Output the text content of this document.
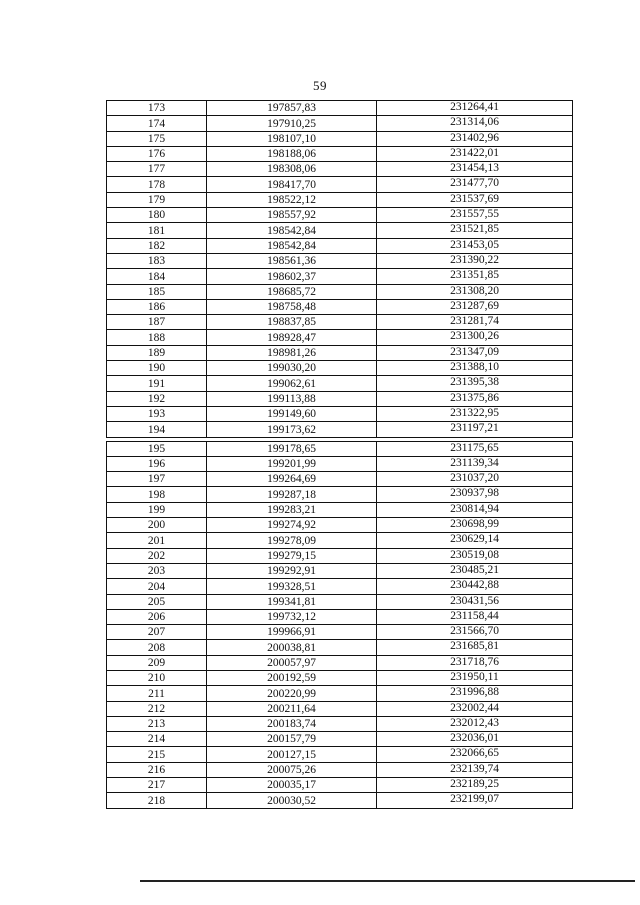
59
173	197857,83	231264,41
174	197910,25	231314,06
175	198107,10	231402,96
176	198188,06	231422,01
177	198308,06	231454,13
178	198417,70	231477,70
179	198522,12	231537,69
180	198557,92	231557,55
181	198542,84	231521,85
182	198542,84	231453,05
183	198561,36	231390,22
184	198602,37	231351,85
185	198685,72	231308,20
186	198758,48	231287,69
187	198837,85	231281,74
188	198928,47	231300,26
189	198981,26	231347,09
190	199030,20	231388,10
191	199062,61	231395,38
192	199113,88	231375,86
193	199149,60	231322,95
194	199173,62	231197,21

195	199178,65	231175,65
196	199201,99	231139,34
197	199264,69	231037,20
198	199287,18	230937,98
199	199283,21	230814,94
200	199274,92	230698,99
201	199278,09	230629,14
202	199279,15	230519,08
203	199292,91	230485,21
204	199328,51	230442,88
205	199341,81	230431,56
206	199732,12	231158,44
207	199966,91	231566,70
208	200038,81	231685,81
209	200057,97	231718,76
210	200192,59	231950,11
211	200220,99	231996,88
212	200211,64	232002,44
213	200183,74	232012,43
214	200157,79	232036,01
215	200127,15	232066,65
216	200075,26	232139,74
217	200035,17	232189,25
218	200030,52	232199,07
